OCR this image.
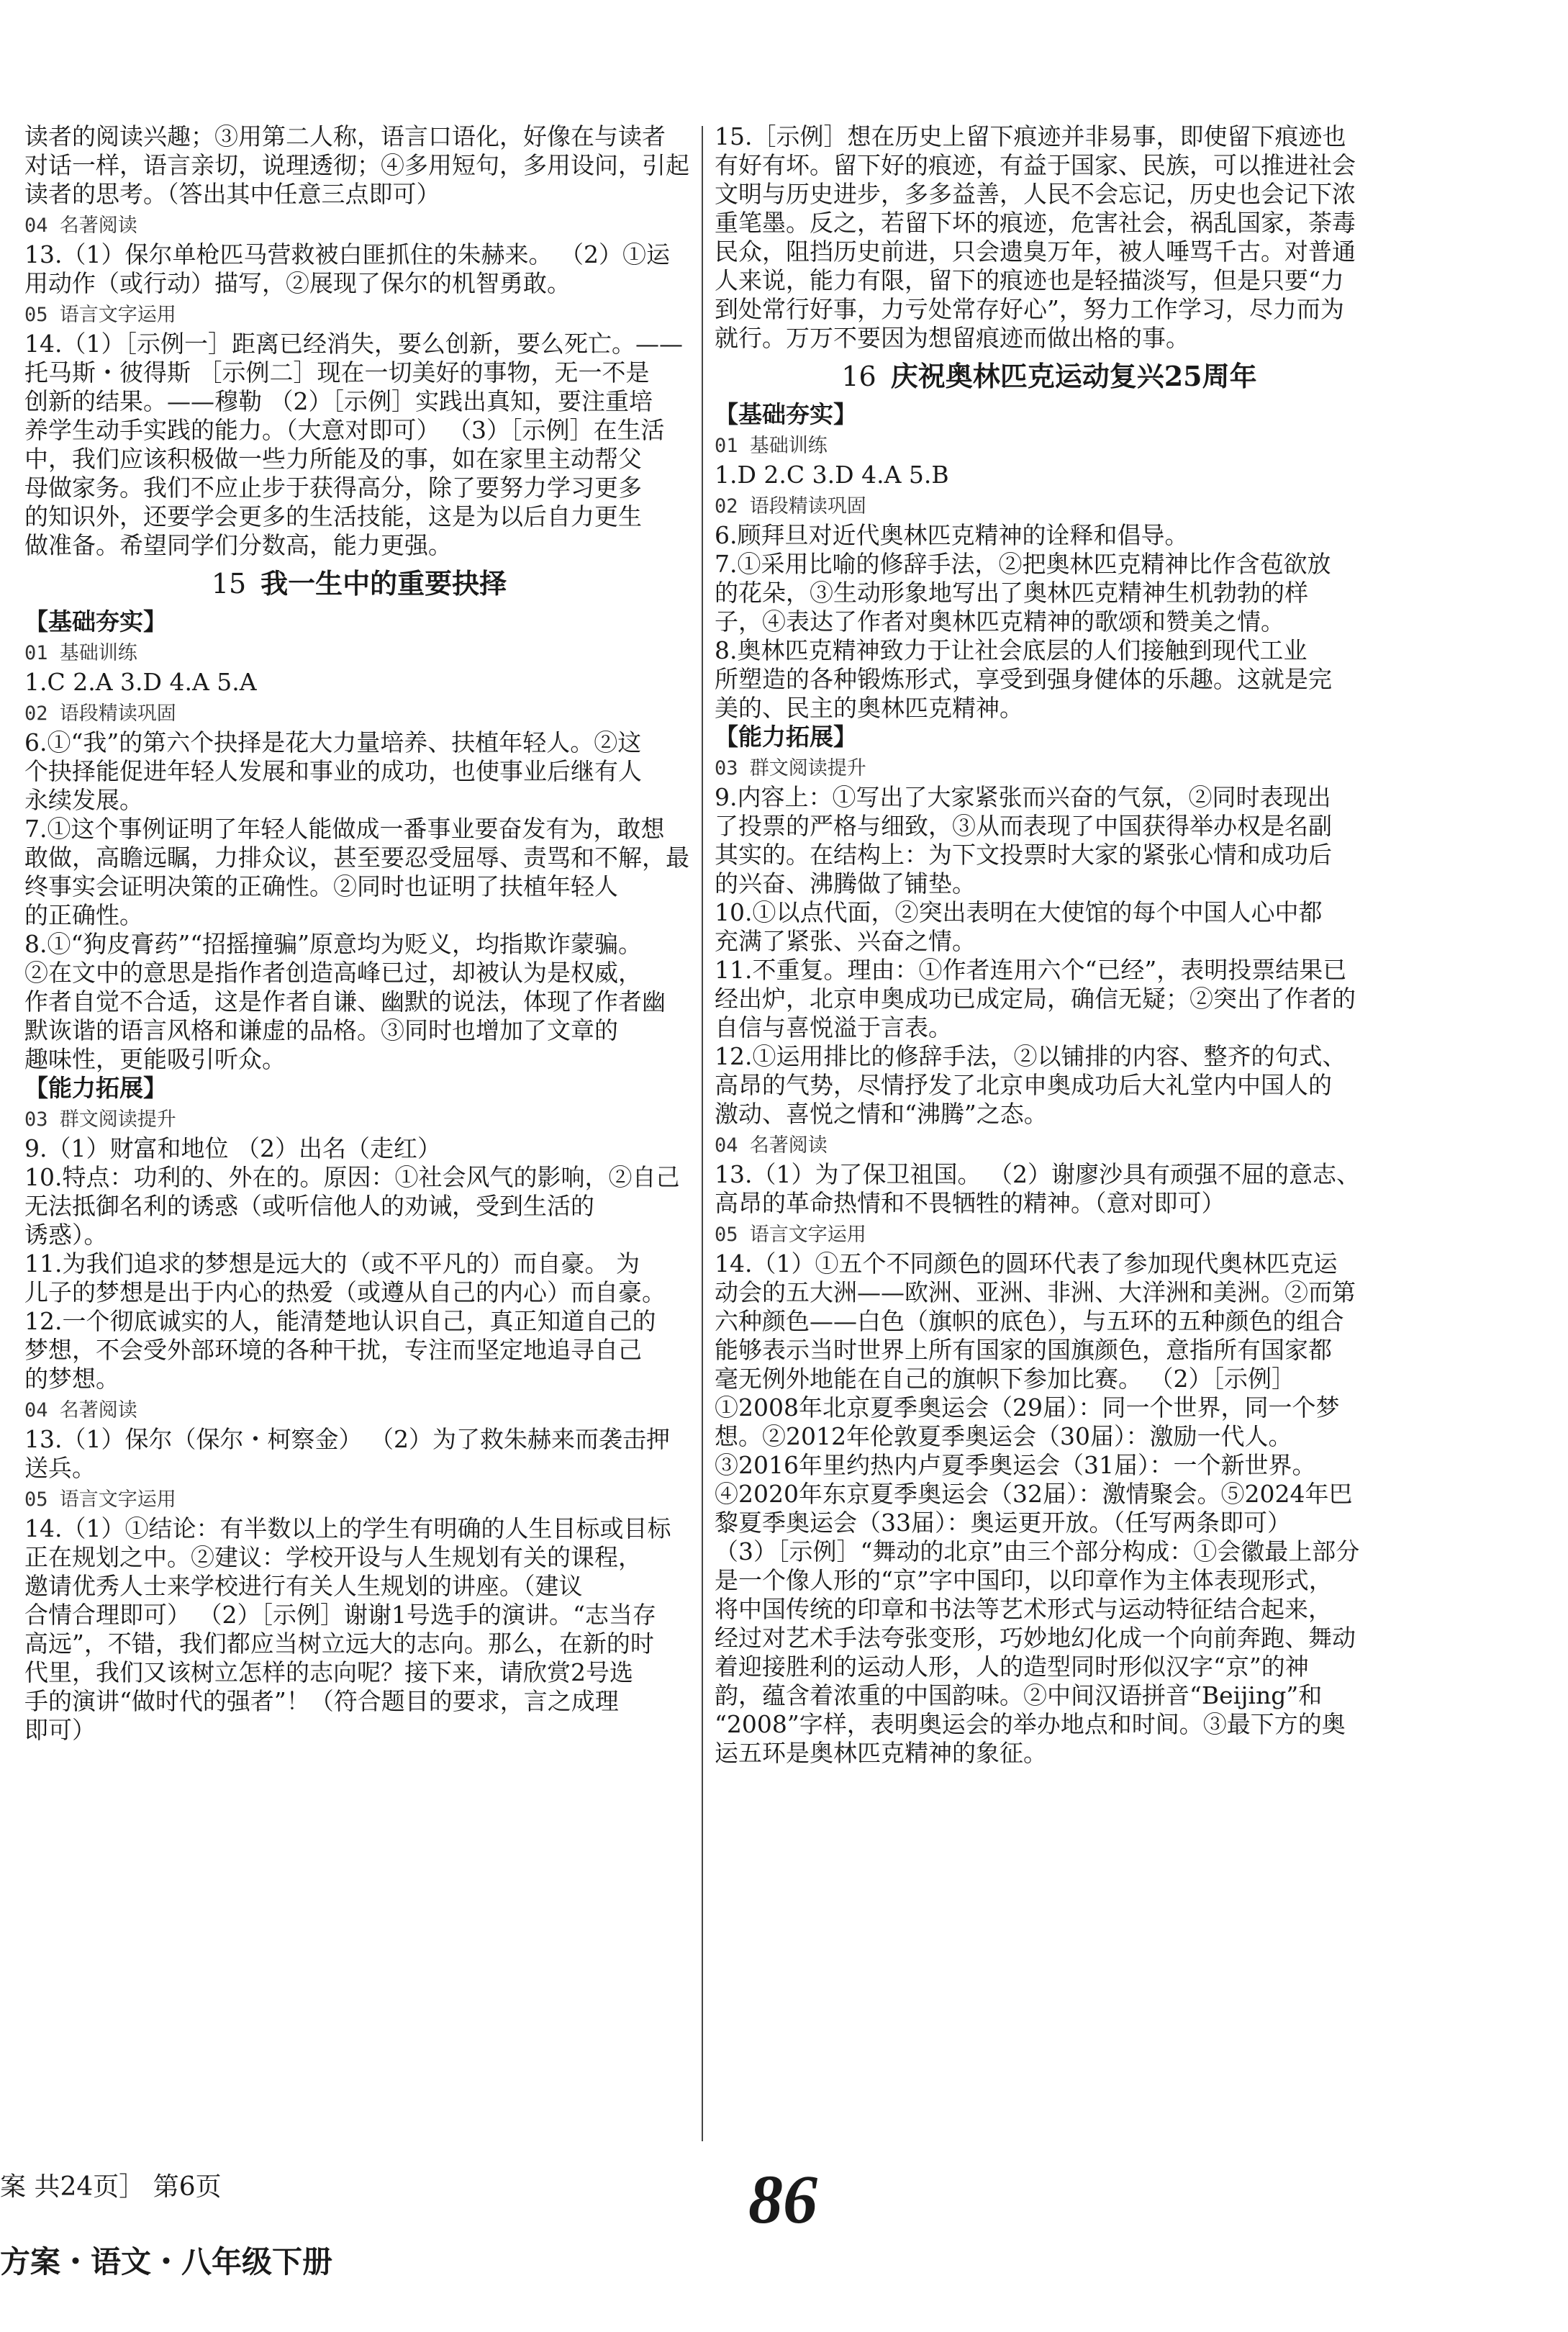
读者的阅读兴趣；③用第二人称，语言口语化，好像在与读者
对话一样，语言亲切，说理透彻；④多用短句，多用设问，引起
读者的思考。（答出其中任意三点即可）
04 名著阅读
13.（1）保尔单枪匹马营救被白匪抓住的朱赫来。 （2）①运
用动作（或行动）描写，②展现了保尔的机智勇敢。
05 语言文字运用
14.（1）［示例一］距离已经消失，要么创新，要么死亡。——
托马斯・彼得斯 ［示例二］现在一切美好的事物，无一不是
创新的结果。——穆勒 （2）［示例］实践出真知，要注重培
养学生动手实践的能力。（大意对即可） （3）［示例］在生活
中，我们应该积极做一些力所能及的事，如在家里主动帮父
母做家务。我们不应止步于获得高分，除了要努力学习更多
的知识外，还要学会更多的生活技能，这是为以后自力更生
做准备。希望同学们分数高，能力更强。
15 我一生中的重要抉择
【基础夯实】
01 基础训练
1.C 2.A 3.D 4.A 5.A
02 语段精读巩固
6.①“我”的第六个抉择是花大力量培养、扶植年轻人。②这
个抉择能促进年轻人发展和事业的成功，也使事业后继有人
永续发展。
7.①这个事例证明了年轻人能做成一番事业要奋发有为，敢想
敢做，高瞻远瞩，力排众议，甚至要忍受屈辱、责骂和不解，最
终事实会证明决策的正确性。②同时也证明了扶植年轻人
的正确性。
8.①“狗皮膏药”“招摇撞骗”原意均为贬义，均指欺诈蒙骗。
②在文中的意思是指作者创造高峰已过，却被认为是权威，
作者自觉不合适，这是作者自谦、幽默的说法，体现了作者幽
默诙谐的语言风格和谦虚的品格。③同时也增加了文章的
趣味性，更能吸引听众。
【能力拓展】
03 群文阅读提升
9.（1）财富和地位 （2）出名（走红）
10.特点：功利的、外在的。原因：①社会风气的影响，②自己
无法抵御名利的诱惑（或听信他人的劝诫，受到生活的
诱惑）。
11.为我们追求的梦想是远大的（或不平凡的）而自豪。 为
儿子的梦想是出于内心的热爱（或遵从自己的内心）而自豪。
12.一个彻底诚实的人，能清楚地认识自己，真正知道自己的
梦想，不会受外部环境的各种干扰，专注而坚定地追寻自己
的梦想。
04 名著阅读
13.（1）保尔（保尔・柯察金） （2）为了救朱赫来而袭击押
送兵。
05 语言文字运用
14.（1）①结论：有半数以上的学生有明确的人生目标或目标
正在规划之中。②建议：学校开设与人生规划有关的课程，
邀请优秀人士来学校进行有关人生规划的讲座。（建议
合情合理即可） （2）［示例］谢谢1号选手的演讲。“志当存
高远”，不错，我们都应当树立远大的志向。那么，在新的时
代里，我们又该树立怎样的志向呢？接下来，请欣赏2号选
手的演讲“做时代的强者”！（符合题目的要求，言之成理
即可）
15.［示例］想在历史上留下痕迹并非易事，即使留下痕迹也
有好有坏。留下好的痕迹，有益于国家、民族，可以推进社会
文明与历史进步，多多益善，人民不会忘记，历史也会记下浓
重笔墨。反之，若留下坏的痕迹，危害社会，祸乱国家，荼毒
民众，阻挡历史前进，只会遗臭万年，被人唾骂千古。对普通
人来说，能力有限，留下的痕迹也是轻描淡写，但是只要“力
到处常行好事，力亏处常存好心”，努力工作学习，尽力而为
就行。万万不要因为想留痕迹而做出格的事。
16 庆祝奥林匹克运动复兴25周年
【基础夯实】
01 基础训练
1.D 2.C 3.D 4.A 5.B
02 语段精读巩固
6.顾拜旦对近代奥林匹克精神的诠释和倡导。
7.①采用比喻的修辞手法，②把奥林匹克精神比作含苞欲放
的花朵，③生动形象地写出了奥林匹克精神生机勃勃的样
子，④表达了作者对奥林匹克精神的歌颂和赞美之情。
8.奥林匹克精神致力于让社会底层的人们接触到现代工业
所塑造的各种锻炼形式，享受到强身健体的乐趣。这就是完
美的、民主的奥林匹克精神。
【能力拓展】
03 群文阅读提升
9.内容上：①写出了大家紧张而兴奋的气氛，②同时表现出
了投票的严格与细致，③从而表现了中国获得举办权是名副
其实的。在结构上：为下文投票时大家的紧张心情和成功后
的兴奋、沸腾做了铺垫。
10.①以点代面，②突出表明在大使馆的每个中国人心中都
充满了紧张、兴奋之情。
11.不重复。理由：①作者连用六个“已经”，表明投票结果已
经出炉，北京申奥成功已成定局，确信无疑；②突出了作者的
自信与喜悦溢于言表。
12.①运用排比的修辞手法，②以铺排的内容、整齐的句式、
高昂的气势，尽情抒发了北京申奥成功后大礼堂内中国人的
激动、喜悦之情和“沸腾”之态。
04 名著阅读
13.（1）为了保卫祖国。 （2）谢廖沙具有顽强不屈的意志、
高昂的革命热情和不畏牺牲的精神。（意对即可）
05 语言文字运用
14.（1）①五个不同颜色的圆环代表了参加现代奥林匹克运
动会的五大洲——欧洲、亚洲、非洲、大洋洲和美洲。②而第
六种颜色——白色（旗帜的底色），与五环的五种颜色的组合
能够表示当时世界上所有国家的国旗颜色，意指所有国家都
毫无例外地能在自己的旗帜下参加比赛。 （2）［示例］
①2008年北京夏季奥运会（29届）：同一个世界，同一个梦
想。②2012年伦敦夏季奥运会（30届）：激励一代人。
③2016年里约热内卢夏季奥运会（31届）：一个新世界。
④2020年东京夏季奥运会（32届）：激情聚会。⑤2024年巴
黎夏季奥运会（33届）：奥运更开放。（任写两条即可）
（3）［示例］“舞动的北京”由三个部分构成：①会徽最上部分
是一个像人形的“京”字中国印，以印章作为主体表现形式，
将中国传统的印章和书法等艺术形式与运动特征结合起来，
经过对艺术手法夸张变形，巧妙地幻化成一个向前奔跑、舞动
着迎接胜利的运动人形，人的造型同时形似汉字“京”的神
韵，蕴含着浓重的中国韵味。②中间汉语拼音“Beijing”和
“2008”字样，表明奥运会的举办地点和时间。③最下方的奥
运五环是奥林匹克精神的象征。
案 共24页］ 第6页
方案・语文・八年级下册
86
